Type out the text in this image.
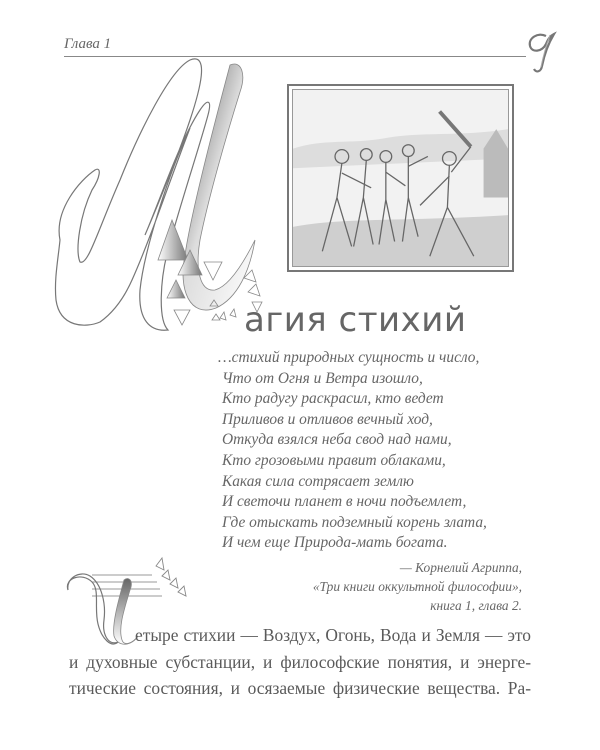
Глава 1
агия стихий
…стихий природных сущность и число,
Что от Огня и Ветра изошло,
Кто радугу раскрасил, кто ведет
Приливов и отливов вечный ход,
Откуда взялся неба свод над нами,
Кто грозовыми правит облаками,
Какая сила сотрясает землю
И светочи планет в ночи подъемлет,
Где отыскать подземный корень злата,
И чем еще Природа-мать богата.
— Корнелий Агриппа,
«Три книги оккультной философии»,
книга 1, глава 2.
етыре стихии — Воздух, Огонь, Вода и Земля — это
и духовные субстанции, и философские понятия, и энерге-
тические состояния, и осязаемые физические вещества. Ра-
